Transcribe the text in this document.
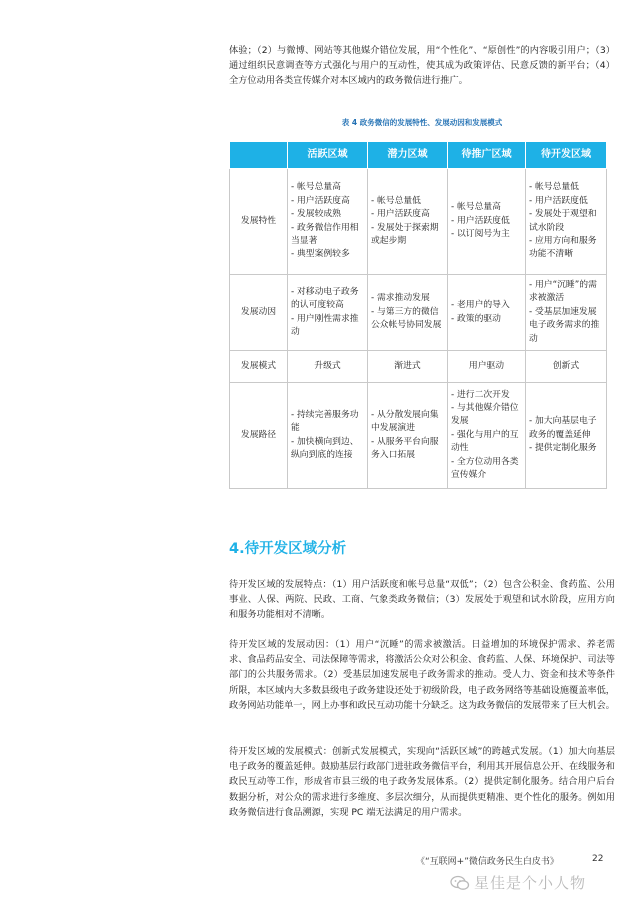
体验；（2）与微博、网站等其他媒介错位发展，用“个性化”、“原创性”的内容吸引用户；（3）通过组织民意调查等方式强化与用户的互动性，使其成为政策评估、民意反馈的新平台；（4）全方位动用各类宣传媒介对本区域内的政务微信进行推广。

表 4 政务微信的发展特性、发展动因和发展模式
	活跃区域	潜力区域	待推广区域	待开发区域
发展特性	- 帐号总量高
- 用户活跃度高
- 发展较成熟
- 政务微信作用相当显著
- 典型案例较多	- 帐号总量低
- 用户活跃度高
- 发展处于探索期或起步期	- 帐号总量高
- 用户活跃度低
- 以订阅号为主	- 帐号总量低
- 用户活跃度低
- 发展处于观望和试水阶段
- 应用方向和服务功能不清晰

发展动因	- 对移动电子政务的认可度较高
- 用户刚性需求推动	- 需求推动发展
- 与第三方的微信公众帐号协同发展	- 老用户的导入
- 政策的驱动	- 用户“沉睡”的需求被激活
- 受基层加速发展电子政务需求的推动

发展模式	升级式	渐进式	用户驱动	创新式
发展路径	- 持续完善服务功能
- 加快横向到边、纵向到底的连接	- 从分散发展向集中发展演进
- 从服务平台向服务入口拓展	- 进行二次开发
- 与其他媒介错位发展
- 强化与用户的互动性
- 全方位动用各类宣传媒介	- 加大向基层电子政务的覆盖延伸
- 提供定制化服务
4.待开发区域分析

待开发区域的发展特点：（1）用户活跃度和帐号总量“双低”；（2）包含公积金、食药监、公用事业、人保、两院、民政、工商、气象类政务微信；（3）发展处于观望和试水阶段，应用方向和服务功能相对不清晰。

待开发区域的发展动因：（1）用户“沉睡”的需求被激活。日益增加的环境保护需求、养老需求、食品药品安全、司法保障等需求，将激活公众对公积金、食药监、人保、环境保护、司法等部门的公共服务需求。（2）受基层加速发展电子政务需求的推动。受人力、资金和技术等条件所限，本区域内大多数县级电子政务建设还处于初级阶段，电子政务网络等基础设施覆盖率低，政务网站功能单一，网上办事和政民互动功能十分缺乏。这为政务微信的发展带来了巨大机会。

待开发区域的发展模式：创新式发展模式，实现向“活跃区域”的跨越式发展。（1）加大向基层电子政务的覆盖延伸。鼓励基层行政部门进驻政务微信平台，利用其开展信息公开、在线服务和政民互动等工作，形成省市县三级的电子政务发展体系。（2）提供定制化服务。结合用户后台数据分析，对公众的需求进行多维度、多层次细分，从而提供更精准、更个性化的服务。例如用政务微信进行食品溯源，实现 PC 端无法满足的用户需求。

《“互联网+”微信政务民生白皮书》	22
星佳是个小人物
